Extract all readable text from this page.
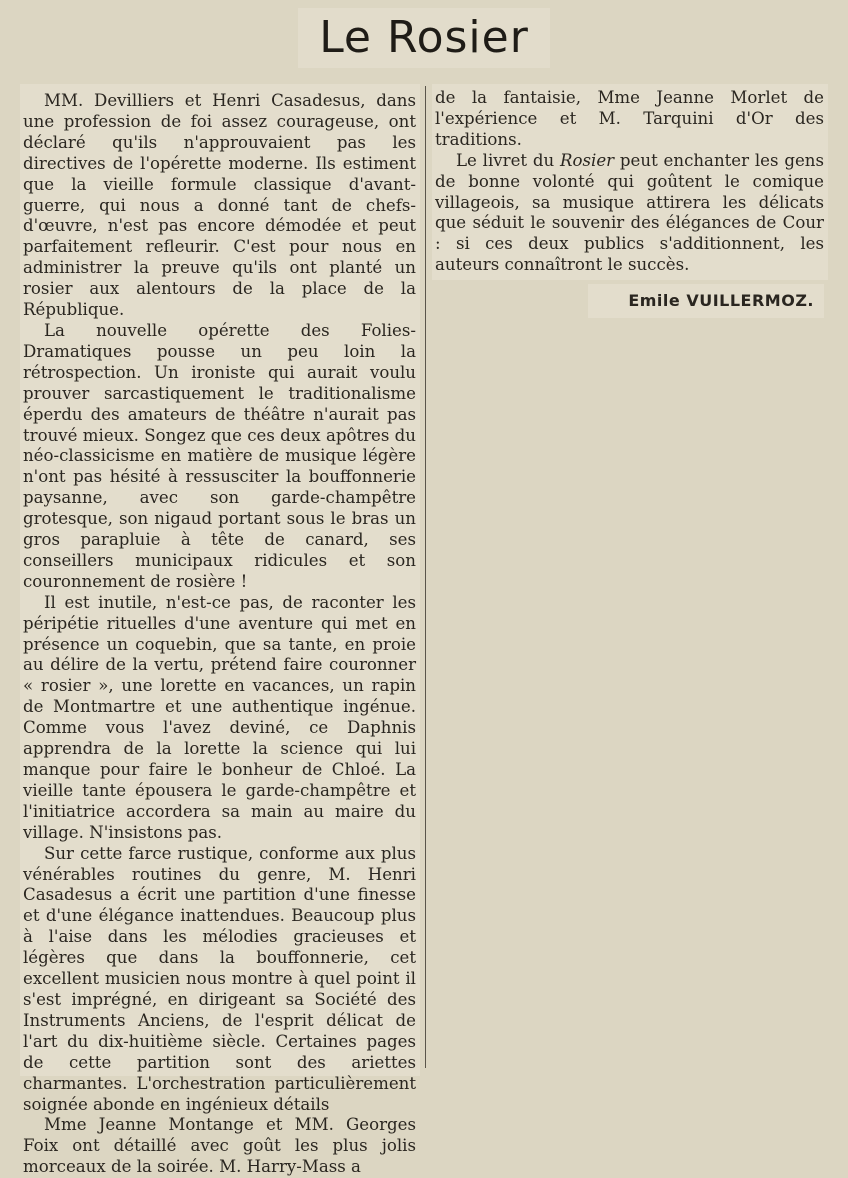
Le Rosier

MM. Devilliers et Henri Casadesus, dans une profession de foi assez courageuse, ont déclaré qu'ils n'approuvaient pas les directives de l'opérette moderne. Ils estiment que la vieille formule classique d'avant-guerre, qui nous a donné tant de chefs-d'œuvre, n'est pas encore démodée et peut parfaitement refleurir. C'est pour nous en administrer la preuve qu'ils ont planté un rosier aux alentours de la place de la République.

La nouvelle opérette des Folies-Dramatiques pousse un peu loin la rétrospection. Un ironiste qui aurait voulu prouver sarcastiquement le traditionalisme éperdu des amateurs de théâtre n'aurait pas trouvé mieux. Songez que ces deux apôtres du néo-classicisme en matière de musique légère n'ont pas hésité à ressusciter la bouffonnerie paysanne, avec son garde-champêtre grotesque, son nigaud portant sous le bras un gros parapluie à tête de canard, ses conseillers municipaux ridicules et son couronnement de rosière !

Il est inutile, n'est-ce pas, de raconter les péripétie rituelles d'une aventure qui met en présence un coquebin, que sa tante, en proie au délire de la vertu, prétend faire couronner « rosier », une lorette en vacances, un rapin de Montmartre et une authentique ingénue. Comme vous l'avez deviné, ce Daphnis apprendra de la lorette la science qui lui manque pour faire le bonheur de Chloé. La vieille tante épousera le garde-champêtre et l'initiatrice accordera sa main au maire du village. N'insistons pas.

Sur cette farce rustique, conforme aux plus vénérables routines du genre, M. Henri Casadesus a écrit une partition d'une finesse et d'une élégance inattendues. Beaucoup plus à l'aise dans les mélodies gracieuses et légères que dans la bouffonnerie, cet excellent musicien nous montre à quel point il s'est imprégné, en dirigeant sa Société des Instruments Anciens, de l'esprit délicat de l'art du dix-huitième siècle. Certaines pages de cette partition sont des ariettes charmantes. L'orchestration particulièrement soignée abonde en ingénieux détails

Mme Jeanne Montange et MM. Georges Foix ont détaillé avec goût les plus jolis morceaux de la soirée. M. Harry-Mass a

de la fantaisie, Mme Jeanne Morlet de l'expérience et M. Tarquini d'Or des traditions.

Le livret du Rosier peut enchanter les gens de bonne volonté qui goûtent le comique villageois, sa musique attirera les délicats que séduit le souvenir des élégances de Cour : si ces deux publics s'additionnent, les auteurs connaîtront le succès.

Emile VUILLERMOZ.
